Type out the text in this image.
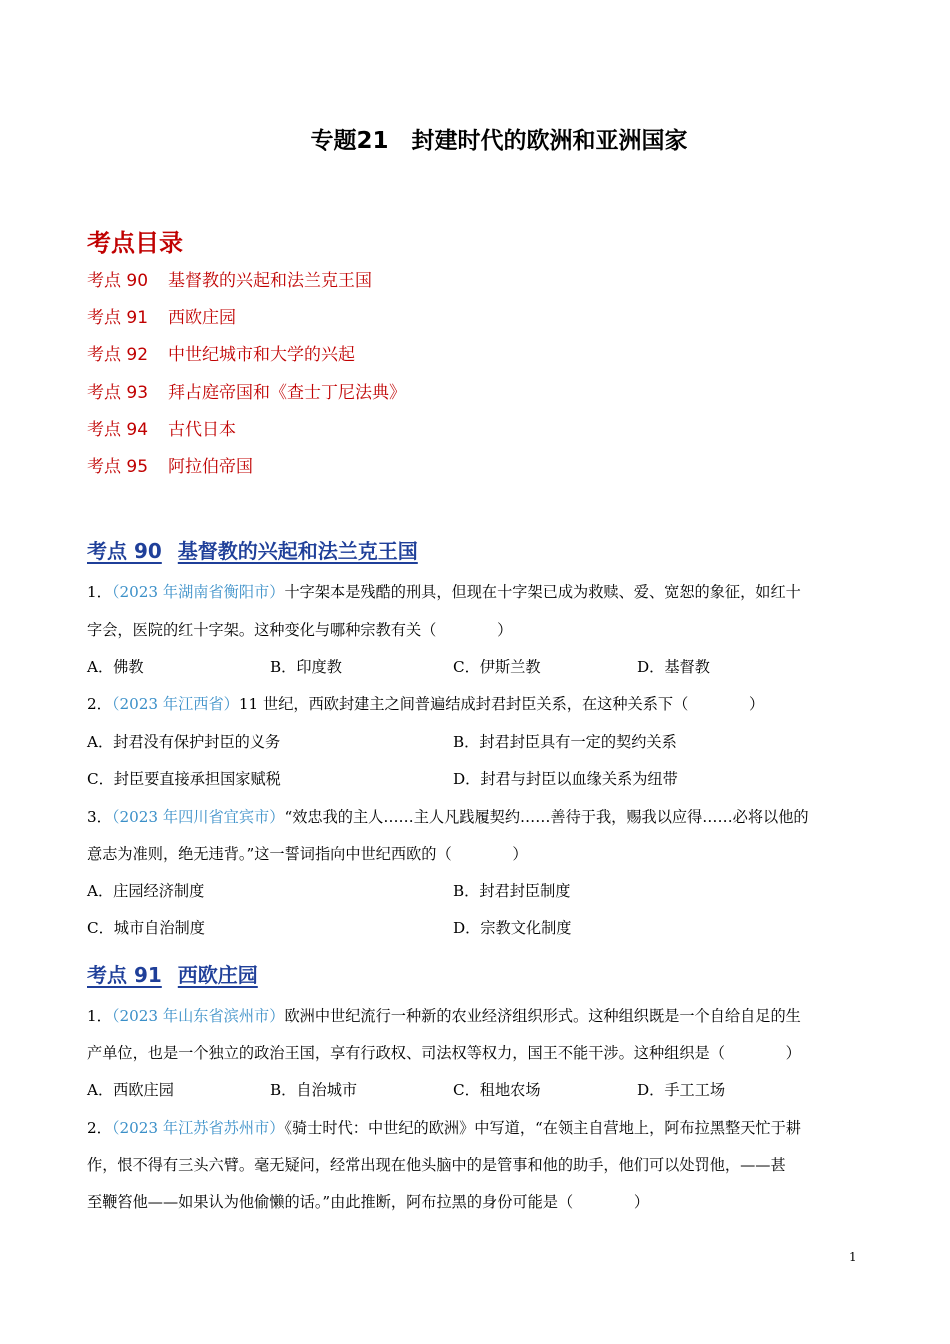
专题21　封建时代的欧洲和亚洲国家
考点目录
考点 90 基督教的兴起和法兰克王国
考点 91 西欧庄园
考点 92 中世纪城市和大学的兴起
考点 93 拜占庭帝国和《查士丁尼法典》
考点 94 古代日本
考点 95 阿拉伯帝国
考点 90 基督教的兴起和法兰克王国
1．（2023 年湖南省衡阳市）十字架本是残酷的刑具，但现在十字架已成为救赎、爱、宽恕的象征，如红十
字会，医院的红十字架。这种变化与哪种宗教有关（　　　　）
A．佛教	B．印度教	C．伊斯兰教	D．基督教
2．（2023 年江西省）11 世纪，西欧封建主之间普遍结成封君封臣关系，在这种关系下（　　　　）
A．封君没有保护封臣的义务	B．封君封臣具有一定的契约关系
C．封臣要直接承担国家赋税	D．封君与封臣以血缘关系为纽带
3．（2023 年四川省宜宾市）“效忠我的主人……主人凡践履契约……善待于我，赐我以应得……必将以他的
意志为准则，绝无违背。”这一誓词指向中世纪西欧的（　　　　）
A．庄园经济制度	B．封君封臣制度
C．城市自治制度	D．宗教文化制度
考点 91 西欧庄园
1．（2023 年山东省滨州市）欧洲中世纪流行一种新的农业经济组织形式。这种组织既是一个自给自足的生
产单位，也是一个独立的政治王国，享有行政权、司法权等权力，国王不能干涉。这种组织是（　　　　）
A．西欧庄园	B．自治城市	C．租地农场	D．手工工场
2．（2023 年江苏省苏州市）《骑士时代：中世纪的欧洲》中写道，“在领主自营地上，阿布拉黑整天忙于耕
作，恨不得有三头六臂。毫无疑问，经常出现在他头脑中的是管事和他的助手，他们可以处罚他，——甚
至鞭笞他——如果认为他偷懒的话。”由此推断，阿布拉黑的身份可能是（　　　　）
1
